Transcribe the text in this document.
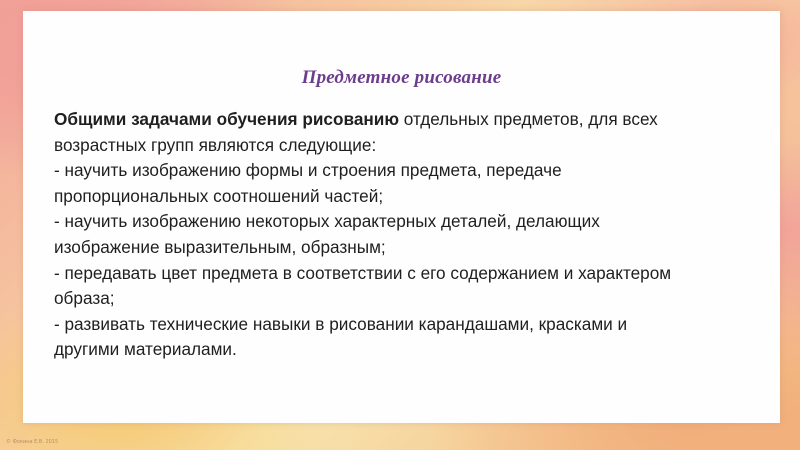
Предметное рисование

Общими задачами обучения рисованию отдельных предметов, для всех
возрастных групп являются следующие:
- научить изображению формы и строения предмета, передаче
пропорциональных соотношений частей;
- научить изображению некоторых характерных деталей, делающих
изображение выразительным, образным;
- передавать цвет предмета в соответствии с его содержанием и характером
образа;
- развивать технические навыки в рисовании карандашами, красками и
другими материалами.

© Фокина Е.В. 2015
